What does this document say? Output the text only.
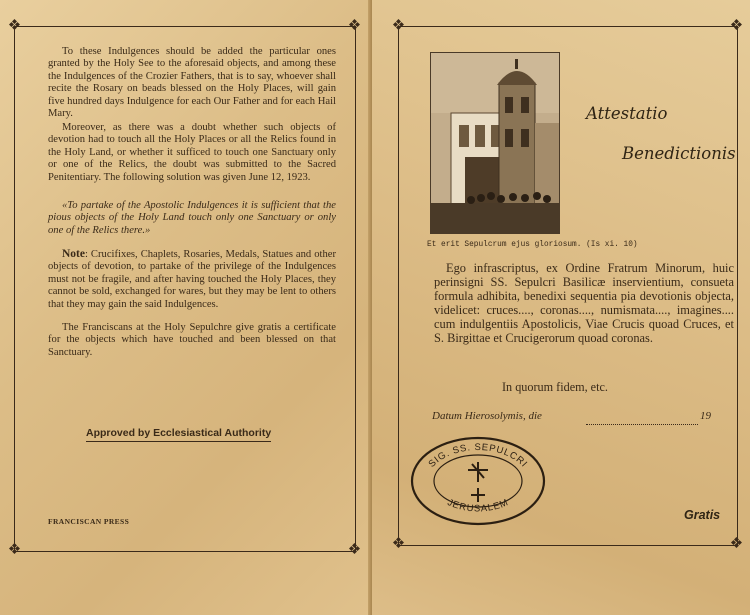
❖	❖
❖	❖

To these Indulgences should be added the particular ones granted by the Holy See to the aforesaid objects, and among these the Indulgences of the Crozier Fathers, that is to say, whoever shall recite the Rosary on beads blessed on the Holy Places, will gain five hundred days Indulgence for each Our Father and for each Hail Mary.

Moreover, as there was a doubt whether such objects of devotion had to touch all the Holy Places or all the Relics found in the Holy Land, or whether it sufficed to touch one Sanctuary only or one of the Relics, the doubt was submitted to the Sacred Penitentiary. The following solution was given June 12, 1923.

«To partake of the Apostolic Indulgences it is sufficient that the pious objects of the Holy Land touch only one Sanctuary or only one of the Relics there.»

Note: Crucifixes, Chaplets, Rosaries, Medals, Statues and other objects of devotion, to partake of the privilege of the Indulgences must not be fragile, and after having touched the Holy Places, they cannot be sold, exchanged for wares, but they may be lent to others that they may gain the said Indulgences.

The Franciscans at the Holy Sepulchre give gratis a certificate for the objects which have touched and been blessed on that Sanctuary.

Approved by Ecclesiastical Authority
FRANCISCAN PRESS
❖	❖
❖	❖
Et erit Sepulcrum ejus gloriosum. (Is xi. 10)
Attestatio
Benedictionis

Ego infrascriptus, ex Ordine Fratrum Minorum, huic perinsigni SS. Sepulcri Basilicæ inservientium, consueta formula adhibita, benedixi sequentia pia devotionis objecta, videlicet: cruces...., coronas...., numismata...., imagines.... cum indulgentiis Apostolicis, Viae Crucis quoad Cruces, et S. Birgittae et Crucigerorum quoad coronas.

In quorum fidem, etc.
Datum Hierosolymis, die	19
SIG. SS. SEPULCRI
JERUSALEM
Gratis
